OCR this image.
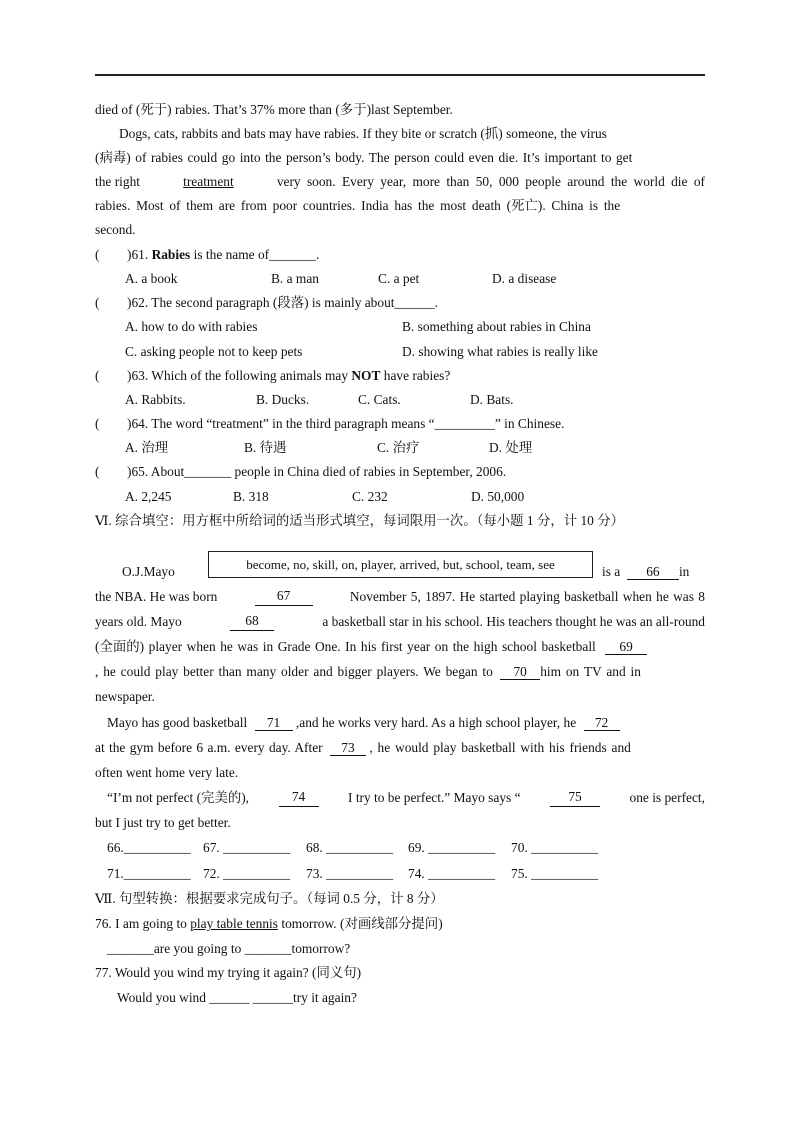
died of (死于) rabies. That’s 37% more than (多于)last September.
Dogs, cats, rabbits and bats may have rabies. If they bite or scratch (抓) someone, the virus
(病毒) of rabies could go into the person’s body. The person could even die. It’s important to get
the right	treatment	very soon. Every year, more than 50, 000 people around the world die of
rabies. Most of them are from poor countries. India has the most death (死亡). China is the
second.
( )61. Rabies is the name of_______.
A. a book	B. a man	C. a pet	D. a disease
( )62. The second paragraph (段落) is mainly about______.
A. how to do with rabies	B. something about rabies in China
C. asking people not to keep pets	D. showing what rabies is really like
( )63. Which of the following animals may NOT have rabies?
A. Rabbits.	B. Ducks.	C. Cats.	D. Bats.
( )64. The word “treatment” in the third paragraph means “_________” in Chinese.
A. 治理	B. 待遇	C. 治疗	D. 处理
( )65. About_______ people in China died of rabies in September, 2006.
A. 2,245	B. 318	C. 232	D. 50,000
Ⅵ. 综合填空：用方框中所给词的适当形式填空，每词限用一次。（每小题 1 分，计 10 分）
become, no, skill, on, player, arrived, but, school, team, see
O.J.Mayo	is a 66 in
the NBA. He was born	67	November 5, 1897. He started playing basketball when he was 8
years old. Mayo	68	a basketball star in his school. His teachers thought he was an all-round
(全面的) player when he was in Grade One. In his first year on the high school basketball 69
, he could play better than many older and bigger players. We began to 70 him on TV and in
newspaper.
Mayo has good basketball 71 ,and he works very hard. As a high school player, he 72
at the gym before 6 a.m. every day. After 73 , he would play basketball with his friends and
often went home very late.
“I’m not perfect (完美的),	74	I try to be perfect.” Mayo says “	75	one is perfect,
but I just try to get better.
66.__________ 67. __________ 68. __________ 69. __________ 70. __________
71.__________ 72. __________ 73. __________ 74. __________ 75. __________
Ⅶ. 句型转换：根据要求完成句子。（每词 0.5 分，计 8 分）
76. I am going to play table tennis tomorrow. (对画线部分提问)
_______are you going to _______tomorrow?
77. Would you wind my trying it again? (同义句)
Would you wind ______ ______try it again?
